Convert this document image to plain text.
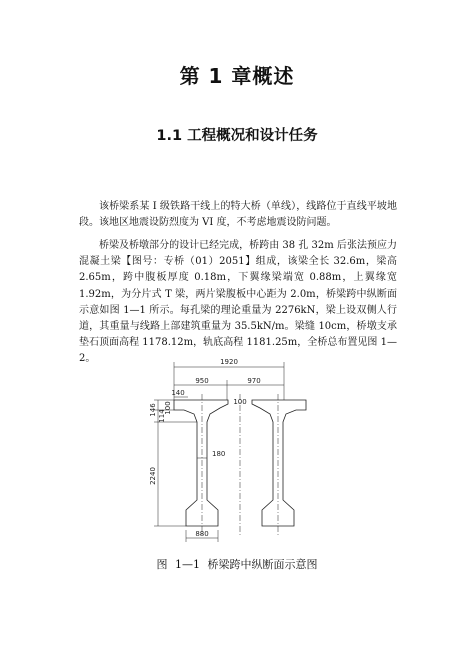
第 1 章概述
1.1 工程概况和设计任务

该桥梁系某 I 级铁路干线上的特大桥（单线），线路位于直线平坡地段。该地区地震设防烈度为 VI 度，不考虑地震设防问题。

桥梁及桥墩部分的设计已经完成，桥跨由 38 孔 32m 后张法预应力混凝土梁【图号：专桥（01）2051】组成，该梁全长 32.6m，梁高 2.65m，跨中腹板厚度 0.18m，下翼缘梁端宽 0.88m，上翼缘宽 1.92m，为分片式 T 梁，两片梁腹板中心距为 2.0m，桥梁跨中纵断面示意如图 1—1 所示。每孔梁的理论重量为 2276kN，梁上设双侧人行道，其重量与线路上部建筑重量为 35.5kN/m。梁缝 10cm，桥墩支承垫石顶面高程 1178.12m，轨底高程 1181.25m，全桥总布置见图 1—2。	1920
950	970
140
100
180
880
146 114
100
2240
图 1—1 桥梁跨中纵断面示意图
